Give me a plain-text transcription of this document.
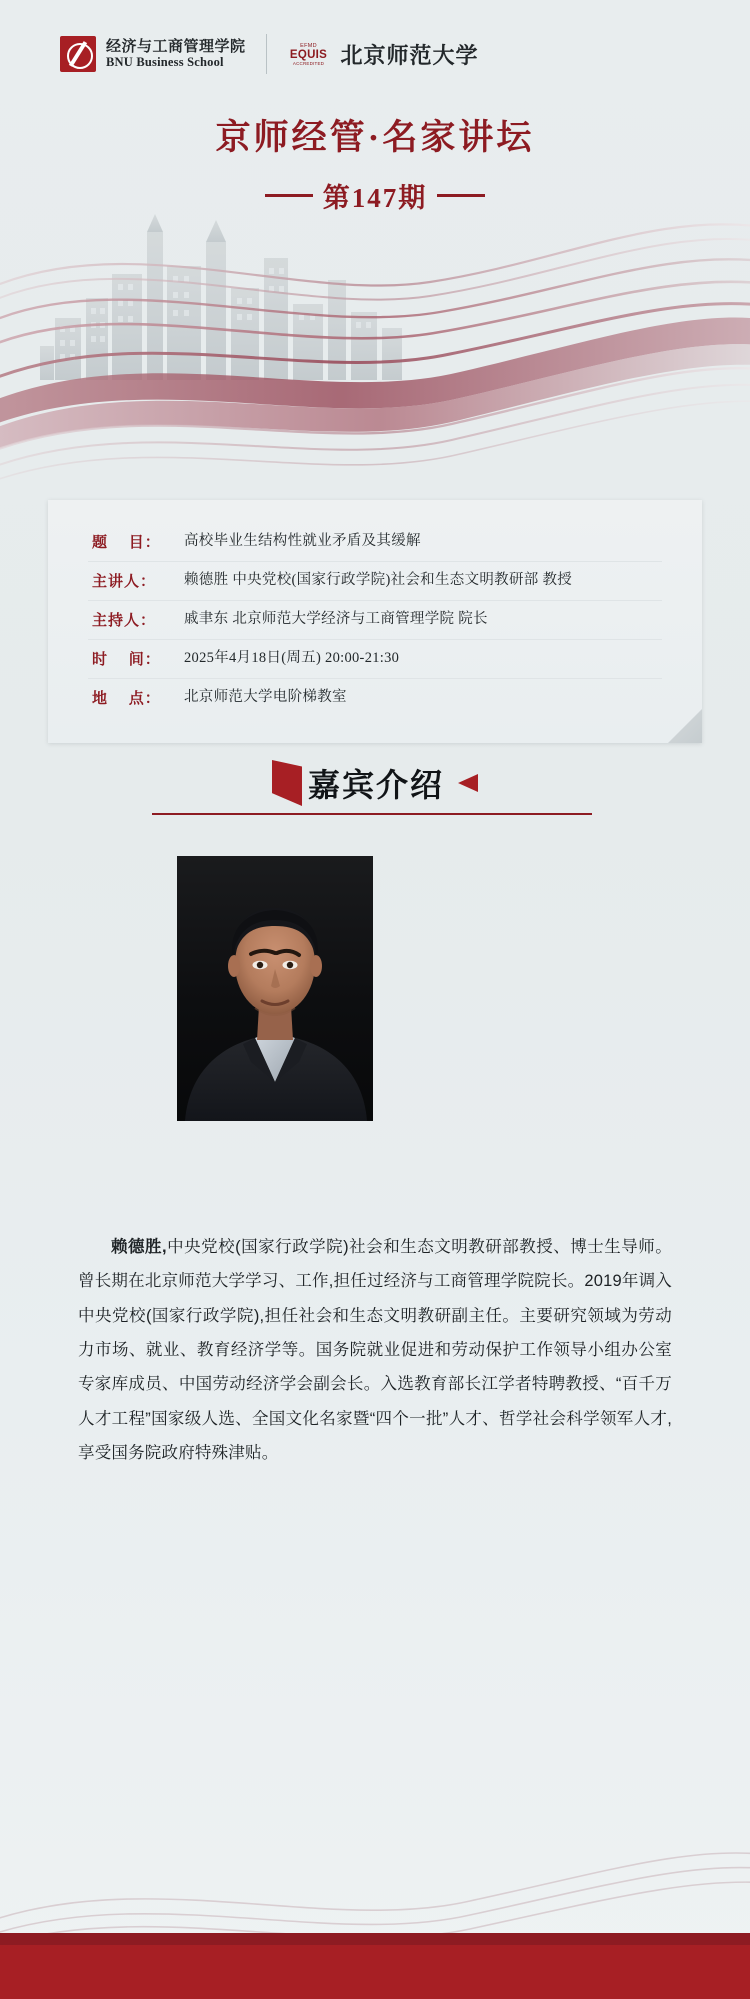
经济与工商管理学院
BNU Business School
EFMD
EQUIS
ACCREDITED 北京师范大学
京师经管·名家讲坛
第147期
题　 目：	高校毕业生结构性就业矛盾及其缓解
主讲人：	赖德胜 中央党校(国家行政学院)社会和生态文明教研部 教授
主持人：	戚聿东 北京师范大学经济与工商管理学院 院长
时　 间：	2025年4月18日(周五) 20:00-21:30
地　 点：	北京师范大学电阶梯教室
嘉宾介绍

赖德胜,中央党校(国家行政学院)社会和生态文明教研部教授、博士生导师。曾长期在北京师范大学学习、工作,担任过经济与工商管理学院院长。2019年调入中央党校(国家行政学院),担任社会和生态文明教研副主任。主要研究领域为劳动力市场、就业、教育经济学等。国务院就业促进和劳动保护工作领导小组办公室专家库成员、中国劳动经济学会副会长。入选教育部长江学者特聘教授、“百千万人才工程”国家级人选、全国文化名家暨“四个一批”人才、哲学社会科学领军人才,享受国务院政府特殊津贴。
